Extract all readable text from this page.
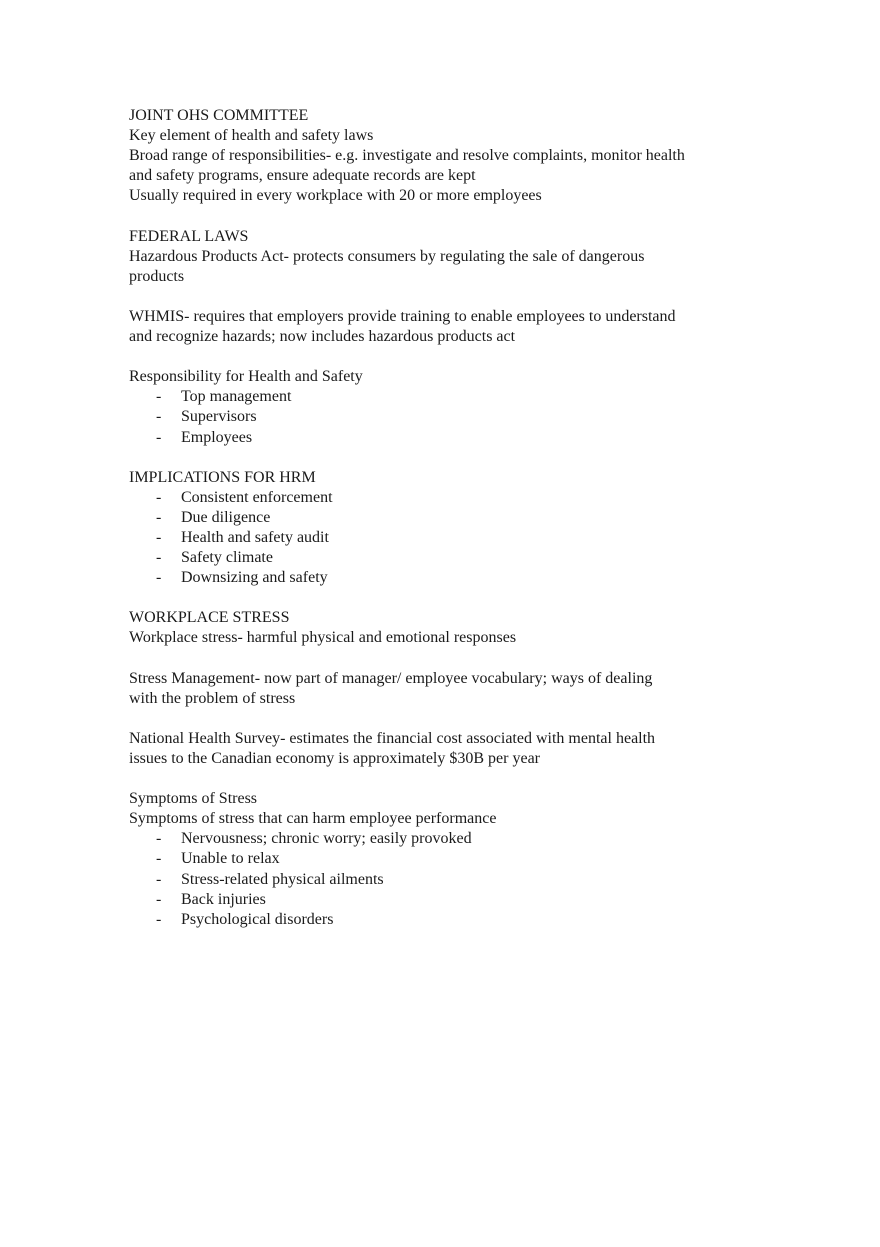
JOINT OHS COMMITTEE

Key element of health and safety laws

Broad range of responsibilities- e.g. investigate and resolve complaints, monitor health

and safety programs, ensure adequate records are kept

Usually required in every workplace with 20 or more employees

FEDERAL LAWS

Hazardous Products Act- protects consumers by regulating the sale of dangerous

products

WHMIS- requires that employers provide training to enable employees to understand

and recognize hazards; now includes hazardous products act

Responsibility for Health and Safety

- Top management
- Supervisors
- Employees

IMPLICATIONS FOR HRM

- Consistent enforcement
- Due diligence
- Health and safety audit
- Safety climate
- Downsizing and safety

WORKPLACE STRESS

Workplace stress- harmful physical and emotional responses

Stress Management- now part of manager/ employee vocabulary; ways of dealing

with the problem of stress

National Health Survey- estimates the financial cost associated with mental health

issues to the Canadian economy is approximately $30B per year

Symptoms of Stress

Symptoms of stress that can harm employee performance

- Nervousness; chronic worry; easily provoked
- Unable to relax
- Stress-related physical ailments
- Back injuries
- Psychological disorders
